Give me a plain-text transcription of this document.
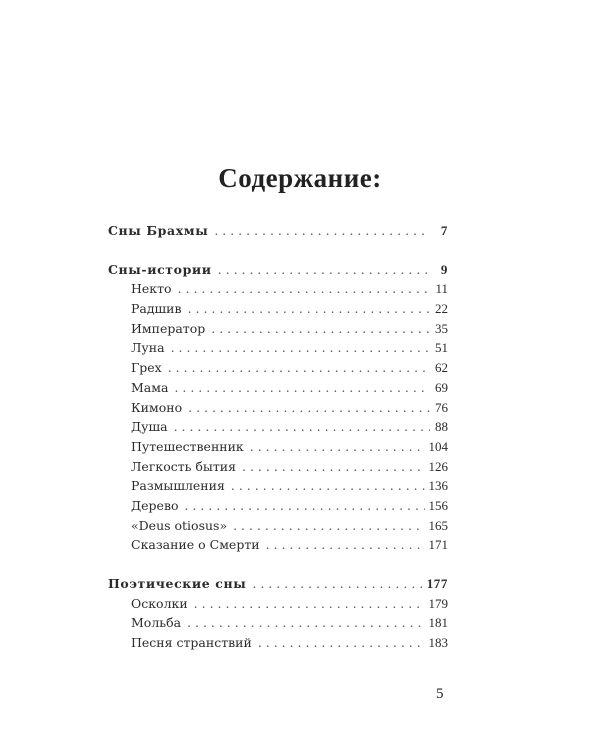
Содержание:
Сны Брахмы . . .	7
Сны-истории . . .	9
Некто . . .	11
Радшив . . .	22
Император . . .	35
Луна . . .	51
Грех . . .	62
Мама . . .	69
Кимоно . . .	76
Душа . . .	88
Путешественник . . .	104
Легкость бытия . . .	126
Размышления . . .	136
Дерево . . .	156
«Deus otiosus» . . .	165
Сказание о Смерти . . .	171
Поэтические сны . . .	177
Осколки . . .	179
Мольба . . .	181
Песня странствий . . .	183
5
